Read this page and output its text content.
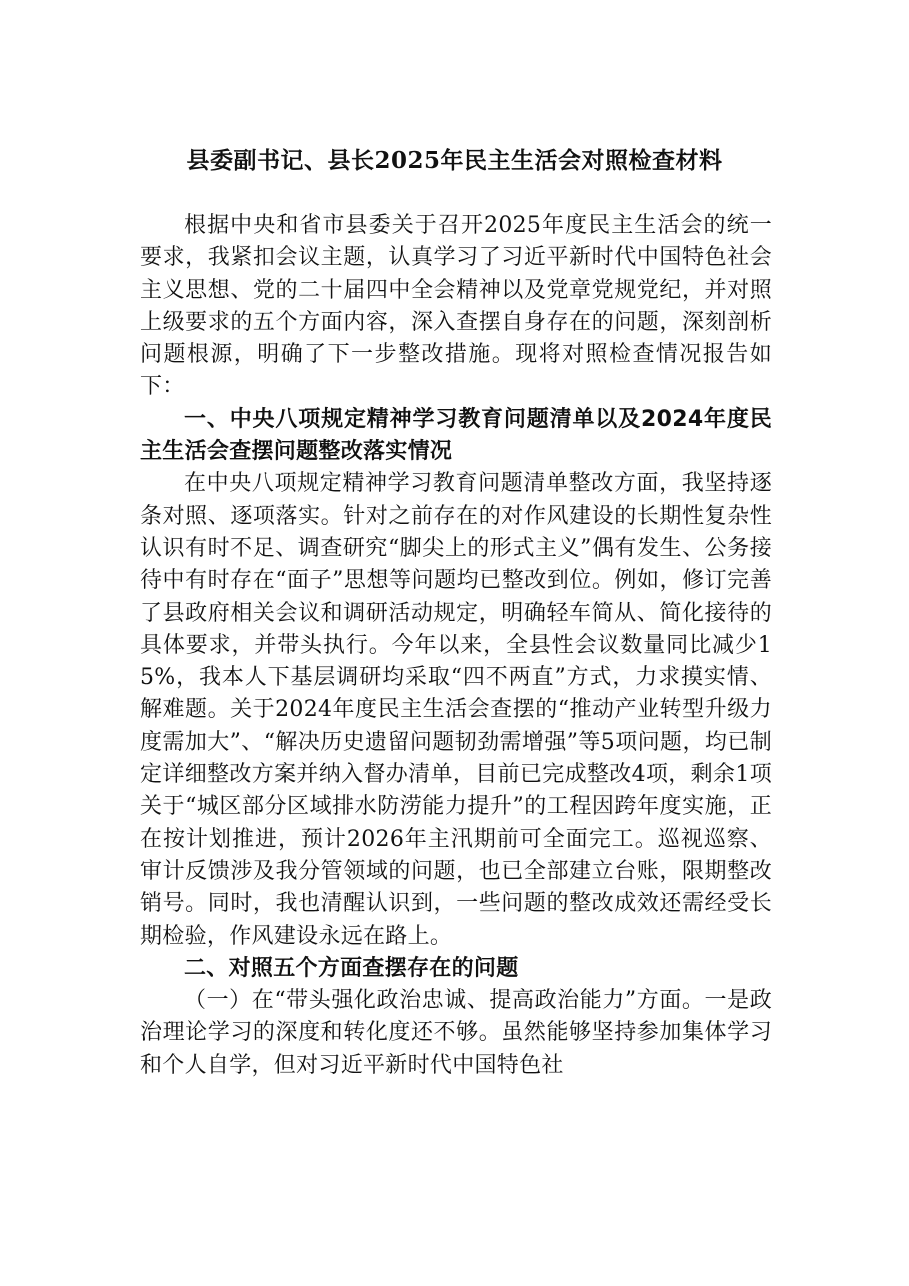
县委副书记、县长2025年民主生活会对照检查材料

根据中央和省市县委关于召开2025年度民主生活会的统一要求，我紧扣会议主题，认真学习了习近平新时代中国特色社会主义思想、党的二十届四中全会精神以及党章党规党纪，并对照上级要求的五个方面内容，深入查摆自身存在的问题，深刻剖析问题根源，明确了下一步整改措施。现将对照检查情况报告如下：

一、中央八项规定精神学习教育问题清单以及2024年度民主生活会查摆问题整改落实情况

在中央八项规定精神学习教育问题清单整改方面，我坚持逐条对照、逐项落实。针对之前存在的对作风建设的长期性复杂性认识有时不足、调查研究“脚尖上的形式主义”偶有发生、公务接待中有时存在“面子”思想等问题均已整改到位。例如，修订完善了县政府相关会议和调研活动规定，明确轻车简从、简化接待的具体要求，并带头执行。今年以来，全县性会议数量同比减少15%，我本人下基层调研均采取“四不两直”方式，力求摸实情、解难题。关于2024年度民主生活会查摆的“推动产业转型升级力度需加大”、“解决历史遗留问题韧劲需增强”等5项问题，均已制定详细整改方案并纳入督办清单，目前已完成整改4项，剩余1项关于“城区部分区域排水防涝能力提升”的工程因跨年度实施，正在按计划推进，预计2026年主汛期前可全面完工。巡视巡察、审计反馈涉及我分管领域的问题，也已全部建立台账，限期整改销号。同时，我也清醒认识到，一些问题的整改成效还需经受长期检验，作风建设永远在路上。

二、对照五个方面查摆存在的问题

（一）在“带头强化政治忠诚、提高政治能力”方面。一是政治理论学习的深度和转化度还不够。虽然能够坚持参加集体学习和个人自学，但对习近平新时代中国特色社
